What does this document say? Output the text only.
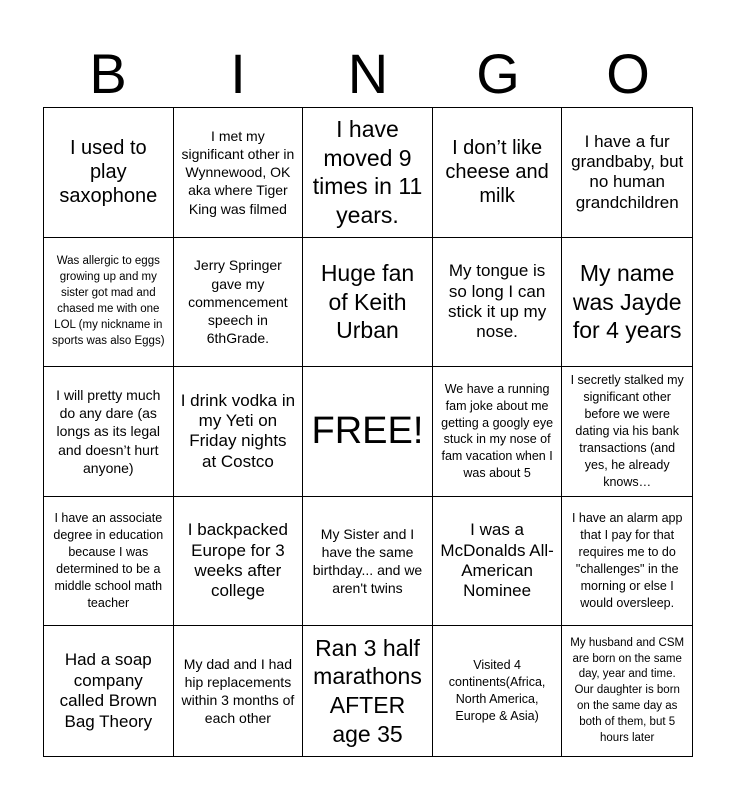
B	I	N	G	O
I used to play saxophone
I met my significant other in Wynnewood, OK aka where Tiger King was filmed
I have moved 9 times in 11 years.
I don’t like cheese and milk
I have a fur grandbaby, but no human grandchildren
Was allergic to eggs growing up and my sister got mad and chased me with one LOL (my nickname in sports was also Eggs)
Jerry Springer gave my commencement speech in 6thGrade.
Huge fan of Keith Urban
My tongue is so long I can stick it up my nose.
My name was Jayde for 4 years
I will pretty much do any dare (as longs as its legal and doesn’t hurt anyone)
I drink vodka in my Yeti on Friday nights at Costco
FREE!
We have a running fam joke about me getting a googly eye stuck in my nose of fam vacation when I was about 5
I secretly stalked my significant other before we were dating via his bank transactions (and yes, he already knows…
I have an associate degree in education because I was determined to be a middle school math teacher
I backpacked Europe for 3 weeks after college
My Sister and I have the same birthday... and we aren't twins
I was a McDonalds All-American Nominee
I have an alarm app that I pay for that requires me to do "challenges" in the morning or else I would oversleep.
Had a soap company called Brown Bag Theory
My dad and I had hip replacements within 3 months of each other
Ran 3 half marathons AFTER age 35
Visited 4 continents(Africa, North America, Europe & Asia)
My husband and CSM are born on the same day, year and time. Our daughter is born on the same day as both of them, but 5 hours later
